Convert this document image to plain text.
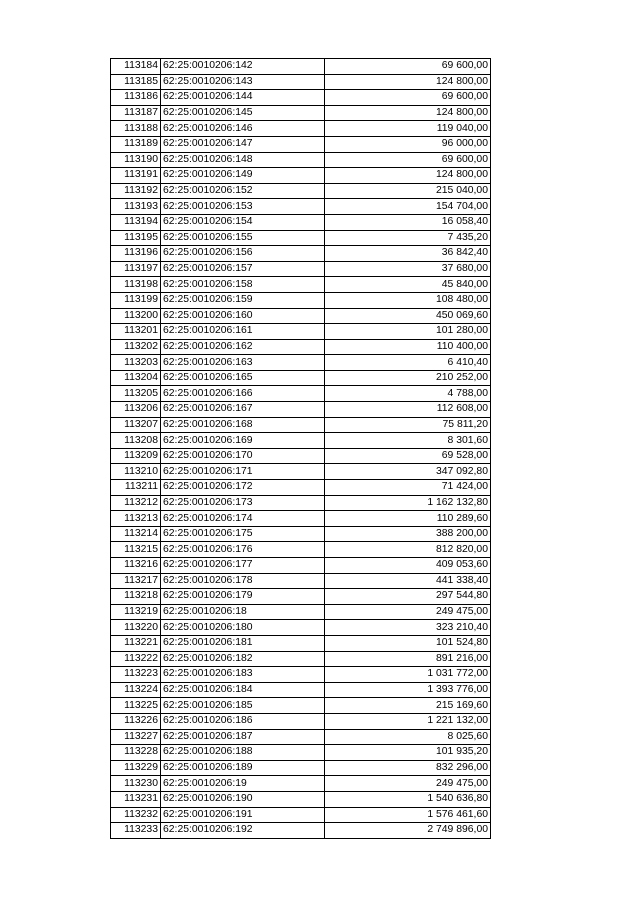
113184	62:25:0010206:142	69 600,00
113185	62:25:0010206:143	124 800,00
113186	62:25:0010206:144	69 600,00
113187	62:25:0010206:145	124 800,00
113188	62:25:0010206:146	119 040,00
113189	62:25:0010206:147	96 000,00
113190	62:25:0010206:148	69 600,00
113191	62:25:0010206:149	124 800,00
113192	62:25:0010206:152	215 040,00
113193	62:25:0010206:153	154 704,00
113194	62:25:0010206:154	16 058,40
113195	62:25:0010206:155	7 435,20
113196	62:25:0010206:156	36 842,40
113197	62:25:0010206:157	37 680,00
113198	62:25:0010206:158	45 840,00
113199	62:25:0010206:159	108 480,00
113200	62:25:0010206:160	450 069,60
113201	62:25:0010206:161	101 280,00
113202	62:25:0010206:162	110 400,00
113203	62:25:0010206:163	6 410,40
113204	62:25:0010206:165	210 252,00
113205	62:25:0010206:166	4 788,00
113206	62:25:0010206:167	112 608,00
113207	62:25:0010206:168	75 811,20
113208	62:25:0010206:169	8 301,60
113209	62:25:0010206:170	69 528,00
113210	62:25:0010206:171	347 092,80
113211	62:25:0010206:172	71 424,00
113212	62:25:0010206:173	1 162 132,80
113213	62:25:0010206:174	110 289,60
113214	62:25:0010206:175	388 200,00
113215	62:25:0010206:176	812 820,00
113216	62:25:0010206:177	409 053,60
113217	62:25:0010206:178	441 338,40
113218	62:25:0010206:179	297 544,80
113219	62:25:0010206:18	249 475,00
113220	62:25:0010206:180	323 210,40
113221	62:25:0010206:181	101 524,80
113222	62:25:0010206:182	891 216,00
113223	62:25:0010206:183	1 031 772,00
113224	62:25:0010206:184	1 393 776,00
113225	62:25:0010206:185	215 169,60
113226	62:25:0010206:186	1 221 132,00
113227	62:25:0010206:187	8 025,60
113228	62:25:0010206:188	101 935,20
113229	62:25:0010206:189	832 296,00
113230	62:25:0010206:19	249 475,00
113231	62:25:0010206:190	1 540 636,80
113232	62:25:0010206:191	1 576 461,60
113233	62:25:0010206:192	2 749 896,00
